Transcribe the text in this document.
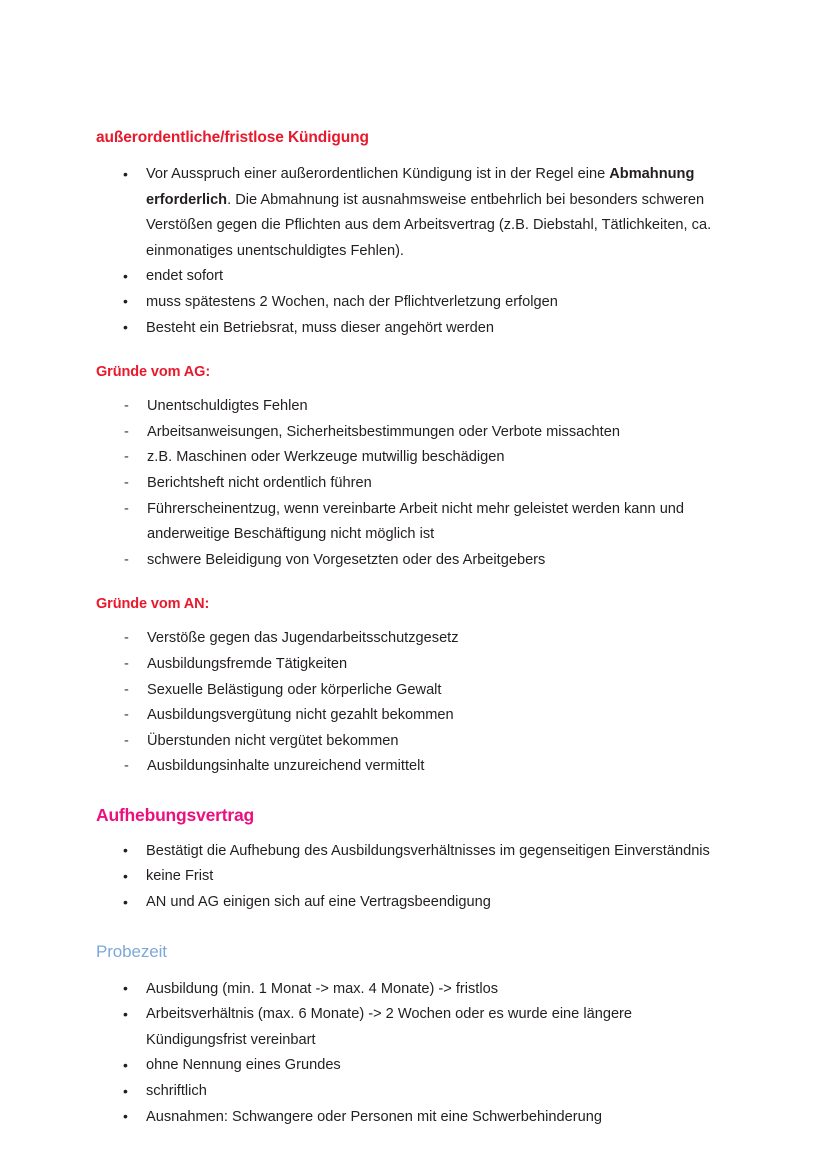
außerordentliche/fristlose Kündigung
• Vor Ausspruch einer außerordentlichen Kündigung ist in der Regel eine Abmahnung erforderlich. Die Abmahnung ist ausnahmsweise entbehrlich bei besonders schweren Verstößen gegen die Pflichten aus dem Arbeitsvertrag (z.B. Diebstahl, Tätlichkeiten, ca. einmonatiges unentschuldigtes Fehlen).
• endet sofort
• muss spätestens 2 Wochen, nach der Pflichtverletzung erfolgen
• Besteht ein Betriebsrat, muss dieser angehört werden
Gründe vom AG:
- Unentschuldigtes Fehlen
- Arbeitsanweisungen, Sicherheitsbestimmungen oder Verbote missachten
- z.B. Maschinen oder Werkzeuge mutwillig beschädigen
- Berichtsheft nicht ordentlich führen
- Führerscheinentzug, wenn vereinbarte Arbeit nicht mehr geleistet werden kann und anderweitige Beschäftigung nicht möglich ist
- schwere Beleidigung von Vorgesetzten oder des Arbeitgebers
Gründe vom AN:
- Verstöße gegen das Jugendarbeitsschutzgesetz
- Ausbildungsfremde Tätigkeiten
- Sexuelle Belästigung oder körperliche Gewalt
- Ausbildungsvergütung nicht gezahlt bekommen
- Überstunden nicht vergütet bekommen
- Ausbildungsinhalte unzureichend vermittelt
Aufhebungsvertrag
• Bestätigt die Aufhebung des Ausbildungsverhältnisses im gegenseitigen Einverständnis
• keine Frist
• AN und AG einigen sich auf eine Vertragsbeendigung
Probezeit
• Ausbildung (min. 1 Monat -> max. 4 Monate) -> fristlos
• Arbeitsverhältnis (max. 6 Monate) -> 2 Wochen oder es wurde eine längere Kündigungsfrist vereinbart
• ohne Nennung eines Grundes
• schriftlich
• Ausnahmen: Schwangere oder Personen mit eine Schwerbehinderung
